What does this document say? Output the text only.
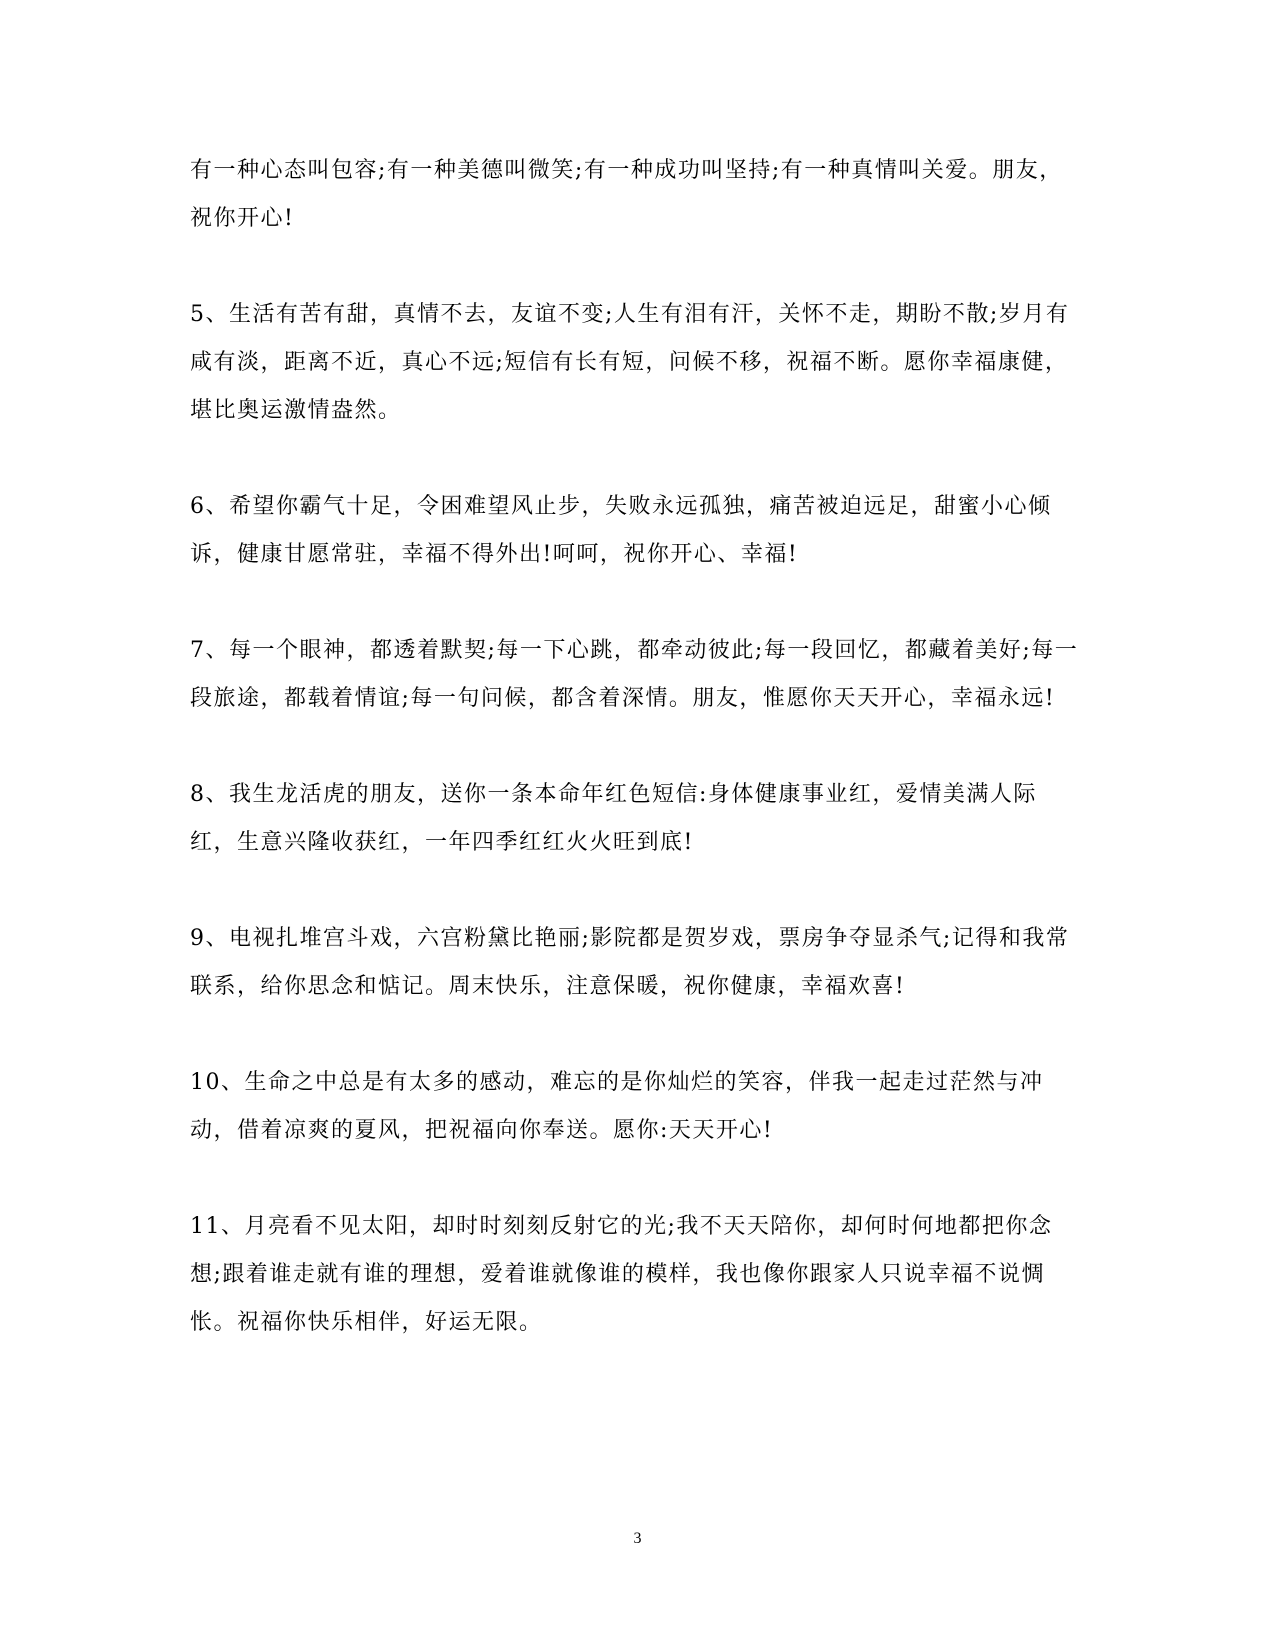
有一种心态叫包容;有一种美德叫微笑;有一种成功叫坚持;有一种真情叫关爱。朋友，祝你开心!

5、生活有苦有甜，真情不去，友谊不变;人生有泪有汗，关怀不走，期盼不散;岁月有咸有淡，距离不近，真心不远;短信有长有短，问候不移，祝福不断。愿你幸福康健，堪比奥运激情盎然。

6、希望你霸气十足，令困难望风止步，失败永远孤独，痛苦被迫远足，甜蜜小心倾诉，健康甘愿常驻，幸福不得外出!呵呵，祝你开心、幸福!

7、每一个眼神，都透着默契;每一下心跳，都牵动彼此;每一段回忆，都藏着美好;每一段旅途，都载着情谊;每一句问候，都含着深情。朋友，惟愿你天天开心，幸福永远!

8、我生龙活虎的朋友，送你一条本命年红色短信:身体健康事业红，爱情美满人际红，生意兴隆收获红，一年四季红红火火旺到底!

9、电视扎堆宫斗戏，六宫粉黛比艳丽;影院都是贺岁戏，票房争夺显杀气;记得和我常联系，给你思念和惦记。周末快乐，注意保暖，祝你健康，幸福欢喜!

10、生命之中总是有太多的感动，难忘的是你灿烂的笑容，伴我一起走过茫然与冲动，借着凉爽的夏风，把祝福向你奉送。愿你:天天开心!

11、月亮看不见太阳，却时时刻刻反射它的光;我不天天陪你，却何时何地都把你念想;跟着谁走就有谁的理想，爱着谁就像谁的模样，我也像你跟家人只说幸福不说惆怅。祝福你快乐相伴，好运无限。

3
